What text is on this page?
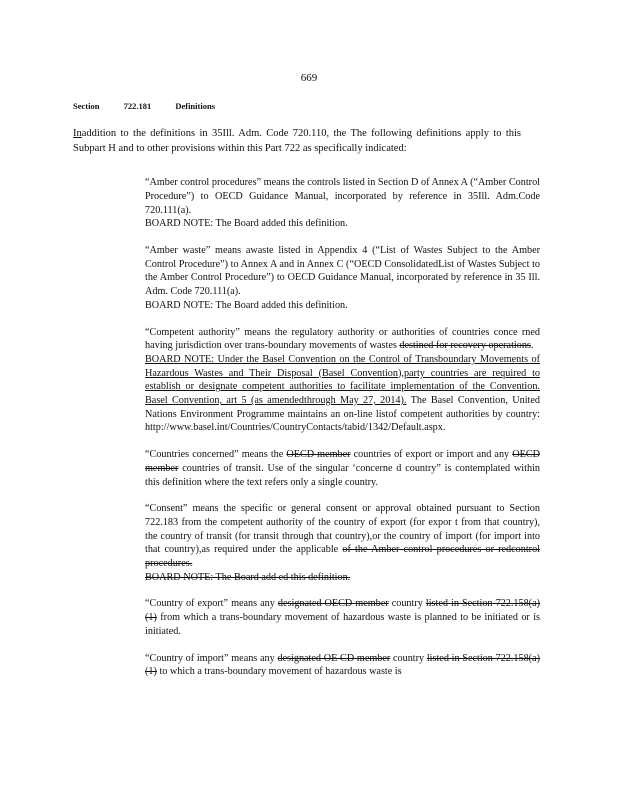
669
Section	722.181	Definitions
Inaddition to the definitions in 35Ill. Adm. Code 720.110, the The following definitions apply to this Subpart H and to other provisions within this Part 722 as specifically indicated:

“Amber control procedures” means the controls listed in Section D of Annex A (“Amber Control Procedure”) to OECD Guidance Manual, incorporated by reference in 35Ill. Adm.Code 720.111(a).
BOARD NOTE: The Board added this definition.

“Amber waste” means awaste listed in Appendix 4 (“List of Wastes Subject to the Amber Control Procedure”) to Annex A and in Annex C (“OECD ConsolidatedList of Wastes Subject to the Amber Control Procedure”) to OECD Guidance Manual, incorporated by reference in 35 Ill. Adm. Code 720.111(a).
BOARD NOTE: The Board added this definition.

“Competent authority” means the regulatory authority or authorities of countries conce rned having jurisdiction over trans-boundary movements of wastes destined for recovery operations.
BOARD NOTE: Under the Basel Convention on the Control of Transboundary Movements of Hazardous Wastes and Their Disposal (Basel Convention),party countries are required to establish or designate competent authorities to facilitate implementation of the Convention. Basel Convention, art 5 (as amendedthrough May 27, 2014). The Basel Convention, United Nations Environment Programme maintains an on-line listof competent authorities by country: http://www.basel.int/Countries/CountryContacts/tabid/1342/Default.aspx.

“Countries concerned” means the OECD member countries of export or import and any OECD member countries of transit. Use of the singular ‘concerne d country” is contemplated within this definition where the text refers only a single country.

“Consent” means the specific or general consent or approval obtained pursuant to Section 722.183 from the competent authority of the country of export (for expor t from that country), the country of transit (for transit through that country),or the country of import (for import into that country),as required under the applicable of the Amber control procedures or redcontrol procedures.
BOARD NOTE: The Board add ed this definition.

“Country of export” means any designated OECD member country listed in Section 722.158(a)(1) from which a trans-boundary movement of hazardous waste is planned to be initiated or is initiated.

“Country of import” means any designated OE CD member country listed in Section 722.158(a)(1) to which a trans-boundary movement of hazardous waste is
